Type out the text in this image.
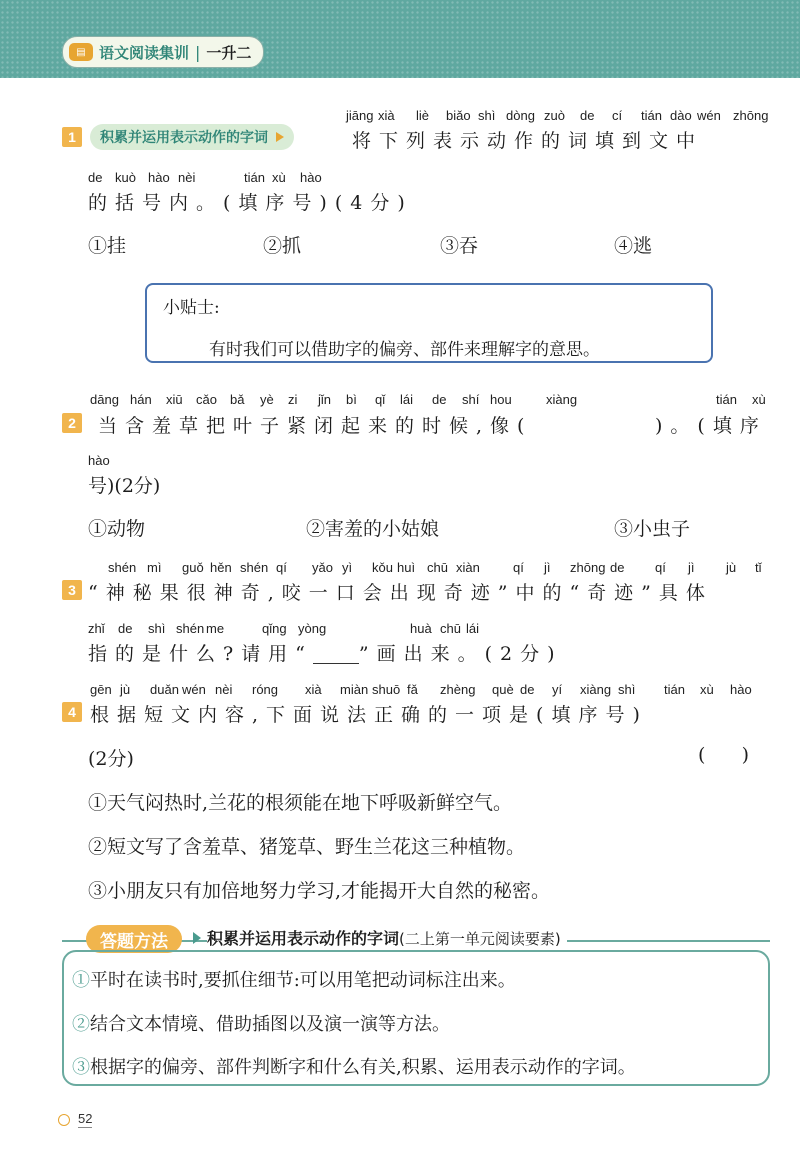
▤ 语文阅读集训 | 一升二
1	积累并运用表示动作的字词
jiāng xià liè biǎo shì dòng zuò de cí tián dào wén zhōng
将下列表示动作的词填到文中
de kuò hào nèi	tián xù hào
的括号内。(填序号)(4分)
①挂	②抓	③吞	④逃
小贴士:
有时我们可以借助字的偏旁、部件来理解字的意思。
dāng hán xiū cǎo bǎ yè zi jǐn bì qǐ lái de shí hou	xiàng	tián xù
2	当含羞草把叶子紧闭起来的时候,像(	)。(填序
hào
号)(2分)
①动物	②害羞的小姑娘	③小虫子
shén mì guǒ hěn shén qí yǎo yì kǒu huì chū xiàn	qí jì zhōng de qí jì jù tǐ
3 “神秘果很神奇,咬一口会出现奇迹”中的“奇迹”具体
zhǐ de shì shén me	qǐng yòng	huà chū lái
指的是什么?请用“ ”画出来。(2分)
gēn jù duǎn wén nèi róng xià miàn shuō fǎ zhèng què de yí xiàng shì tián xù hào
4 根据短文内容,下面说法正确的一项是(填序号)
(2分)	(      )
①天气闷热时,兰花的根须能在地下呼吸新鲜空气。
②短文写了含羞草、猪笼草、野生兰花这三种植物。
③小朋友只有加倍地努力学习,才能揭开大自然的秘密。
答题方法	积累并运用表示动作的字词(二上第一单元阅读要素)
①平时在读书时,要抓住细节:可以用笔把动词标注出来。
②结合文本情境、借助插图以及演一演等方法。
③根据字的偏旁、部件判断字和什么有关,积累、运用表示动作的字词。
52
